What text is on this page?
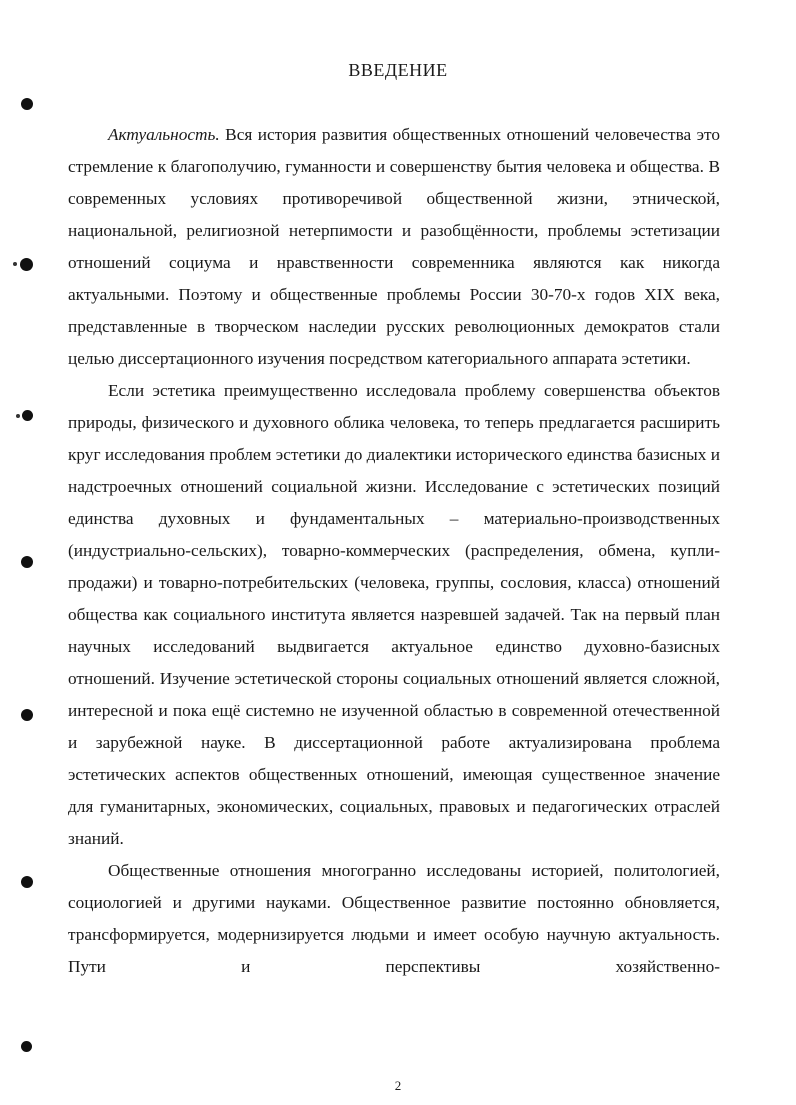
ВВЕДЕНИЕ

Актуальность. Вся история развития общественных отношений человечества это стремление к благополучию, гуманности и совершенству бытия человека и общества. В современных условиях противоречивой общественной жизни, этнической, национальной, религиозной нетерпимости и разобщённости, проблемы эстетизации отношений социума и нравственности современника являются как никогда актуальными. Поэтому и общественные проблемы России 30-70-х годов XIX века, представленные в творческом наследии русских революционных демократов стали целью диссертационного изучения посредством категориального аппарата эстетики.

Если эстетика преимущественно исследовала проблему совершенства объектов природы, физического и духовного облика человека, то теперь предлагается расширить круг исследования проблем эстетики до диалектики исторического единства базисных и надстроечных отношений социальной жизни. Исследование с эстетических позиций единства духовных и фундаментальных – материально-производственных (индустриально-сельских), товарно-коммерческих (распределения, обмена, купли-продажи) и товарно-потребительских (человека, группы, сословия, класса) отношений общества как социального института является назревшей задачей. Так на первый план научных исследований выдвигается актуальное единство духовно-базисных отношений. Изучение эстетической стороны социальных отношений является сложной, интересной и пока ещё системно не изученной областью в современной отечественной и зарубежной науке. В диссертационной работе актуализирована проблема эстетических аспектов общественных отношений, имеющая существенное значение для гуманитарных, экономических, социальных, правовых и педагогических отраслей знаний.

Общественные отношения многогранно исследованы историей, политологией, социологией и другими науками. Общественное развитие постоянно обновляется, трансформируется, модернизируется людьми и имеет особую научную актуальность. Пути и перспективы хозяйственно-

2
